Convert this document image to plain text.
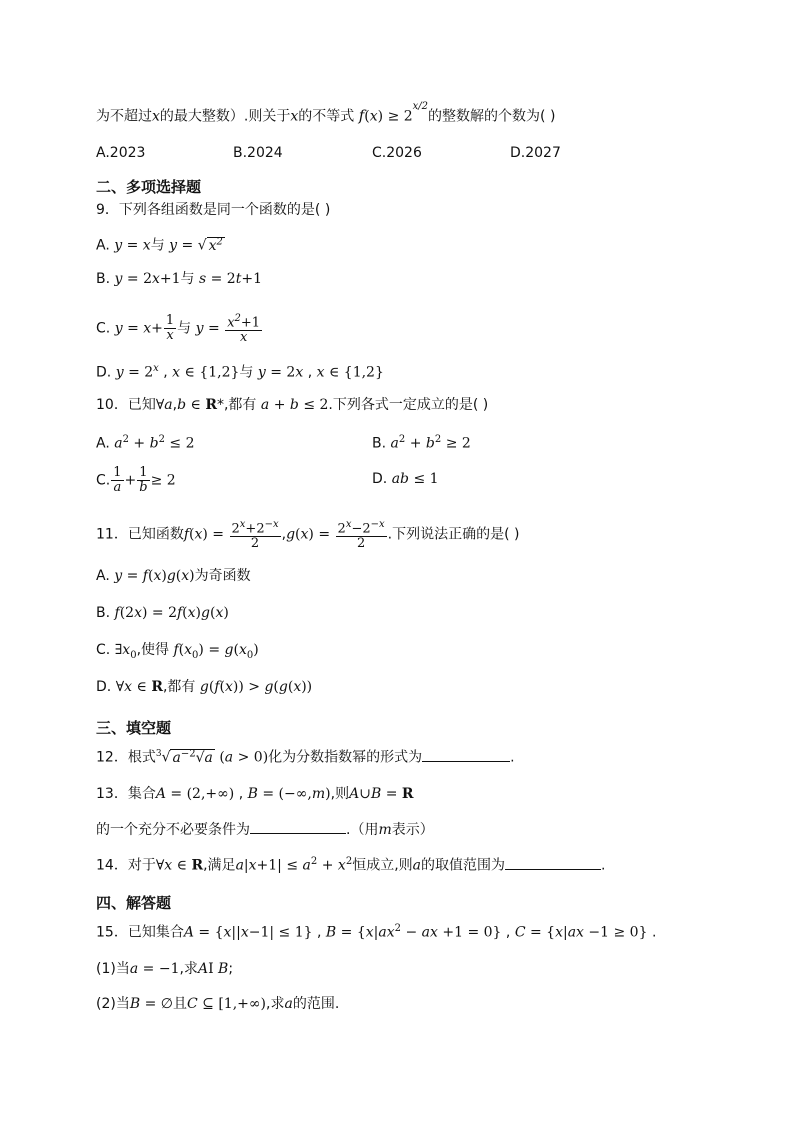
为不超过x的最大整数）.则关于x的不等式 $f(x) \ge 2^{x/2}$的整数解的个数为( )
A.2023	B.2024	C.2026	D.2027
二、多项选择题
9．下列各组函数是同一个函数的是( )
A. y = x与 y = √ $x^2$
B. y = 2x+1与 s = 2t+1
C. $y = x+ \frac{1}{x}$ 与 $y = \frac{x^2+1}{x}$
D. $y = 2^x$ , x ∈ {1,2}与 y = 2x , x ∈ {1,2}
10．已知∀a,b ∈ R*,都有 a + b ≤ 2.下列各式一定成立的是( )
A. $a^2 + b^2 \le 2$	B. $a^2 + b^2 \ge 2$
C. $\frac{1}{a} + \frac{1}{b} \ge 2$	D. ab ≤ 1
11．已知函数$f(x) = \frac{2^x+2^{-x}}{2} ,g(x) = \frac{2^x-2^{-x}}{2}$ .下列说法正确的是( )
A. y = f(x)g(x)为奇函数
B. f(2x) = 2f(x)g(x)
C. $\exists x_0$,使得 $f(x_0) = g(x_0)$
D. ∀x ∈ R,都有 g(f(x)) > g(g(x))
三、填空题
12．根式$^3$√ $a^{-2}√a$ (a > 0)化为分数指数幂的形式为	.
13．集合A = (2,+∞) , B = (−∞,m),则A∪B = R
的一个充分不必要条件为	.（用m表示）
14．对于∀x ∈ R,满足$a|x+1| \le a^2 + x^2$恒成立,则a的取值范围为	.
四、解答题
15．已知集合A = {x||x−1| ≤ 1} , $B = \{x|ax^2$ − ax +1 = 0} , C = {x|ax −1 ≥ 0} .
(1)当a = −1,求AI B;
(2)当B = ∅且C ⊆ [1,+∞),求a的范围.
